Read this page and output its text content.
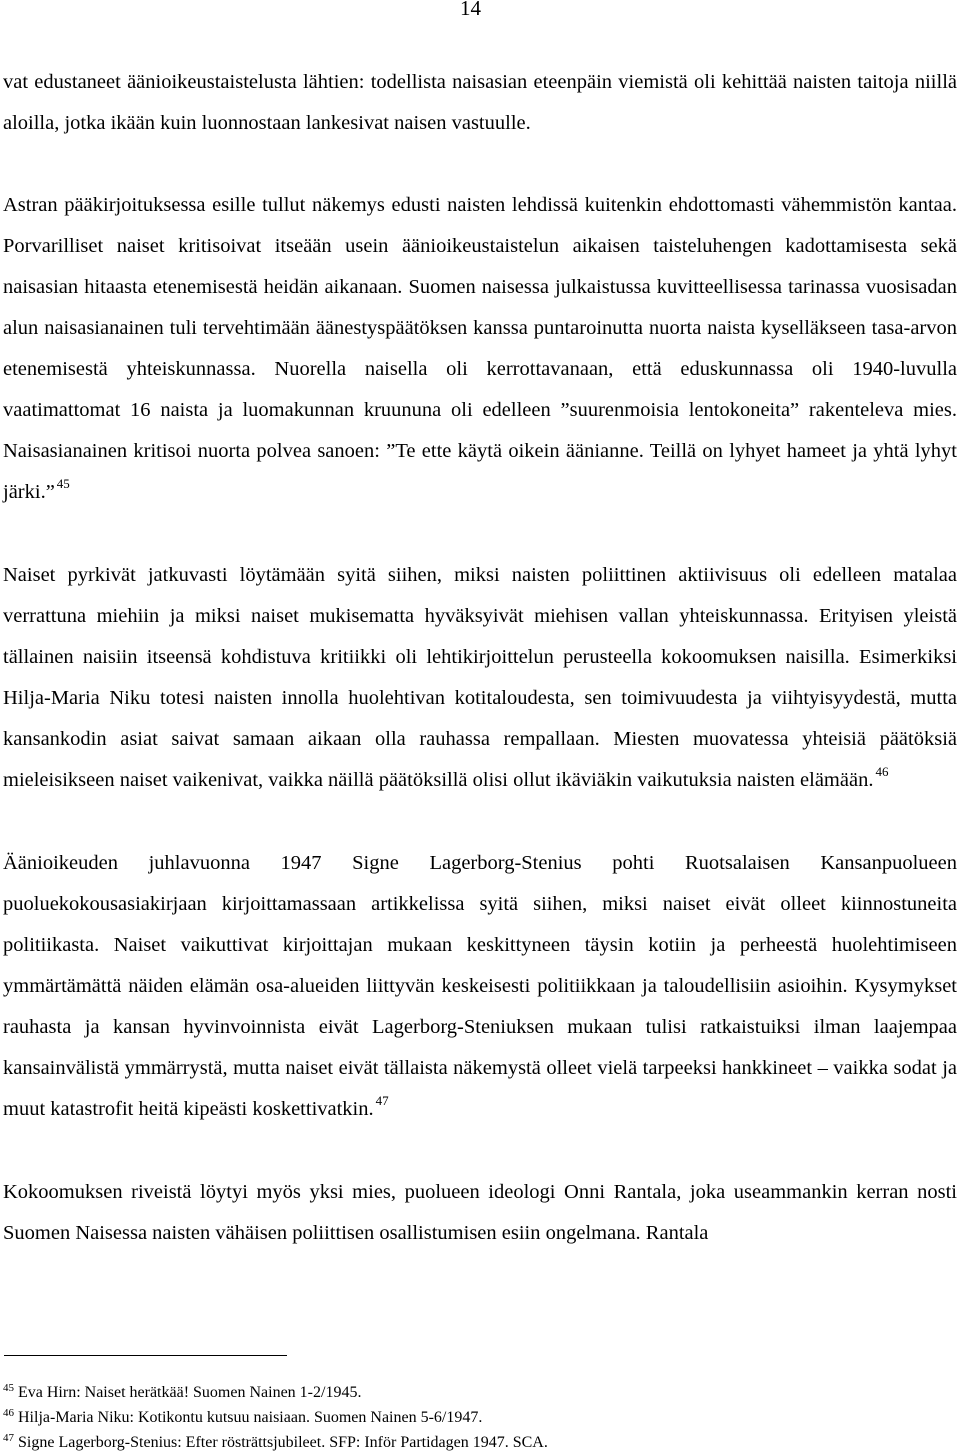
14

vat edustaneet äänioikeustaistelusta lähtien: todellista naisasian eteenpäin viemistä oli kehittää naisten taitoja niillä aloilla, jotka ikään kuin luonnostaan lankesivat naisen vastuulle.

Astran pääkirjoituksessa esille tullut näkemys edusti naisten lehdissä kuitenkin ehdottomasti vähemmistön kantaa. Porvarilliset naiset kritisoivat itseään usein äänioikeustaistelun aikaisen taisteluhengen kadottamisesta sekä naisasian hitaasta etenemisestä heidän aikanaan. Suomen naisessa julkaistussa kuvitteellisessa tarinassa vuosisadan alun naisasianainen tuli tervehtimään äänestyspäätöksen kanssa puntaroinutta nuorta naista kyselläkseen tasa-arvon etenemisestä yhteiskunnassa. Nuorella naisella oli kerrottavanaan, että eduskunnassa oli 1940-luvulla vaatimattomat 16 naista ja luomakunnan kruununa oli edelleen ”suurenmoisia lentokoneita” rakenteleva mies. Naisasianainen kritisoi nuorta polvea sanoen: ”Te ette käytä oikein äänianne. Teillä on lyhyet hameet ja yhtä lyhyt järki.” $^{45}$

Naiset pyrkivät jatkuvasti löytämään syitä siihen, miksi naisten poliittinen aktiivisuus oli edelleen matalaa verrattuna miehiin ja miksi naiset mukisematta hyväksyivät miehisen vallan yhteiskunnassa. Erityisen yleistä tällainen naisiin itseensä kohdistuva kritiikki oli lehtikirjoittelun perusteella kokoomuksen naisilla. Esimerkiksi Hilja-Maria Niku totesi naisten innolla huolehtivan kotitaloudesta, sen toimivuudesta ja viihtyisyydestä, mutta kansankodin asiat saivat samaan aikaan olla rauhassa rempallaan. Miesten muovatessa yhteisiä päätöksiä mieleisikseen naiset vaikenivat, vaikka näillä päätöksillä olisi ollut ikäviäkin vaikutuksia naisten elämään. $^{46}$

Äänioikeuden juhlavuonna 1947 Signe Lagerborg-Stenius pohti Ruotsalaisen Kansanpuolueen puoluekokousasiakirjaan kirjoittamassaan artikkelissa syitä siihen, miksi naiset eivät olleet kiinnostuneita politiikasta. Naiset vaikuttivat kirjoittajan mukaan keskittyneen täysin kotiin ja perheestä huolehtimiseen ymmärtämättä näiden elämän osa-alueiden liittyvän keskeisesti politiikkaan ja taloudellisiin asioihin. Kysymykset rauhasta ja kansan hyvinvoinnista eivät Lagerborg-Steniuksen mukaan tulisi ratkaistuiksi ilman laajempaa kansainvälistä ymmärrystä, mutta naiset eivät tällaista näkemystä olleet vielä tarpeeksi hankkineet – vaikka sodat ja muut katastrofit heitä kipeästi koskettivatkin. $^{47}$

Kokoomuksen riveistä löytyi myös yksi mies, puolueen ideologi Onni Rantala, joka useammankin kerran nosti Suomen Naisessa naisten vähäisen poliittisen osallistumisen esiin ongelmana. Rantala

$^{45}$ Eva Hirn: Naiset herätkää! Suomen Nainen 1-2/1945.
$^{46}$ Hilja-Maria Niku: Kotikontu kutsuu naisiaan. Suomen Nainen 5-6/1947.
$^{47}$ Signe Lagerborg-Stenius: Efter rösträttsjubileet. SFP: Inför Partidagen 1947. SCA.
